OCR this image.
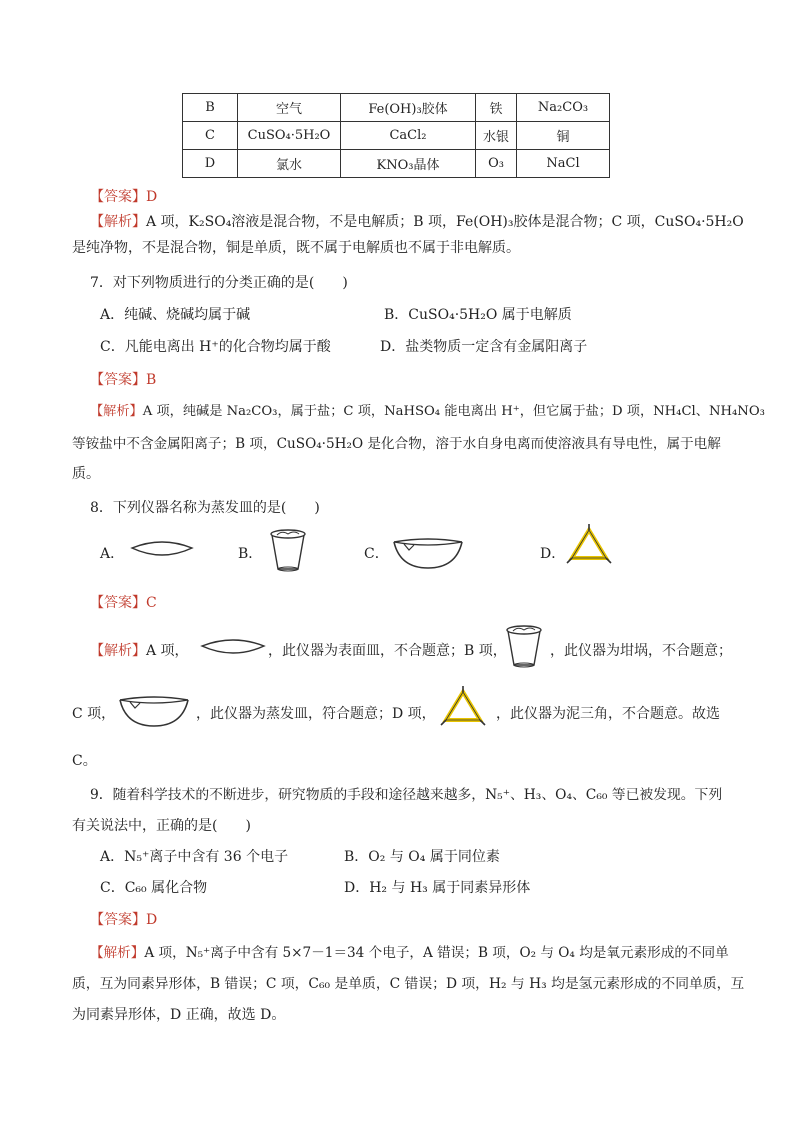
B	空气	Fe(OH)₃胶体	铁	Na₂CO₃
C	CuSO₄·5H₂O	CaCl₂	水银	铜
D	氯水	KNO₃晶体	O₃	NaCl
【答案】D
【解析】A 项，K₂SO₄溶液是混合物，不是电解质；B 项，Fe(OH)₃胶体是混合物；C 项，CuSO₄·5H₂O
是纯净物，不是混合物，铜是单质，既不属于电解质也不属于非电解质。
7．对下列物质进行的分类正确的是(　　)
A．纯碱、烧碱均属于碱	B．CuSO₄·5H₂O 属于电解质
C．凡能电离出 H⁺的化合物均属于酸	D．盐类物质一定含有金属阳离子
【答案】B
【解析】A 项，纯碱是 Na₂CO₃，属于盐；C 项，NaHSO₄ 能电离出 H⁺，但它属于盐；D 项，NH₄Cl、NH₄NO₃
等铵盐中不含金属阳离子；B 项，CuSO₄·5H₂O 是化合物，溶于水自身电离而使溶液具有导电性，属于电解
质。
8．下列仪器名称为蒸发皿的是(　　)
A．	B．	C．	D．
【答案】C
【解析】A 项，	，此仪器为表面皿，不合题意；B 项，	，此仪器为坩埚，不合题意；
C 项，	，此仪器为蒸发皿，符合题意；D 项，	，此仪器为泥三角，不合题意。故选
C。
9．随着科学技术的不断进步，研究物质的手段和途径越来越多，N₅⁺、H₃、O₄、C₆₀ 等已被发现。下列
有关说法中，正确的是(　　)
A．N₅⁺离子中含有 36 个电子	B．O₂ 与 O₄ 属于同位素
C．C₆₀ 属化合物	D．H₂ 与 H₃ 属于同素异形体
【答案】D
【解析】A 项，N₅⁺离子中含有 5×7－1＝34 个电子，A 错误；B 项，O₂ 与 O₄ 均是氧元素形成的不同单
质，互为同素异形体，B 错误；C 项，C₆₀ 是单质，C 错误；D 项，H₂ 与 H₃ 均是氢元素形成的不同单质，互
为同素异形体，D 正确，故选 D。
